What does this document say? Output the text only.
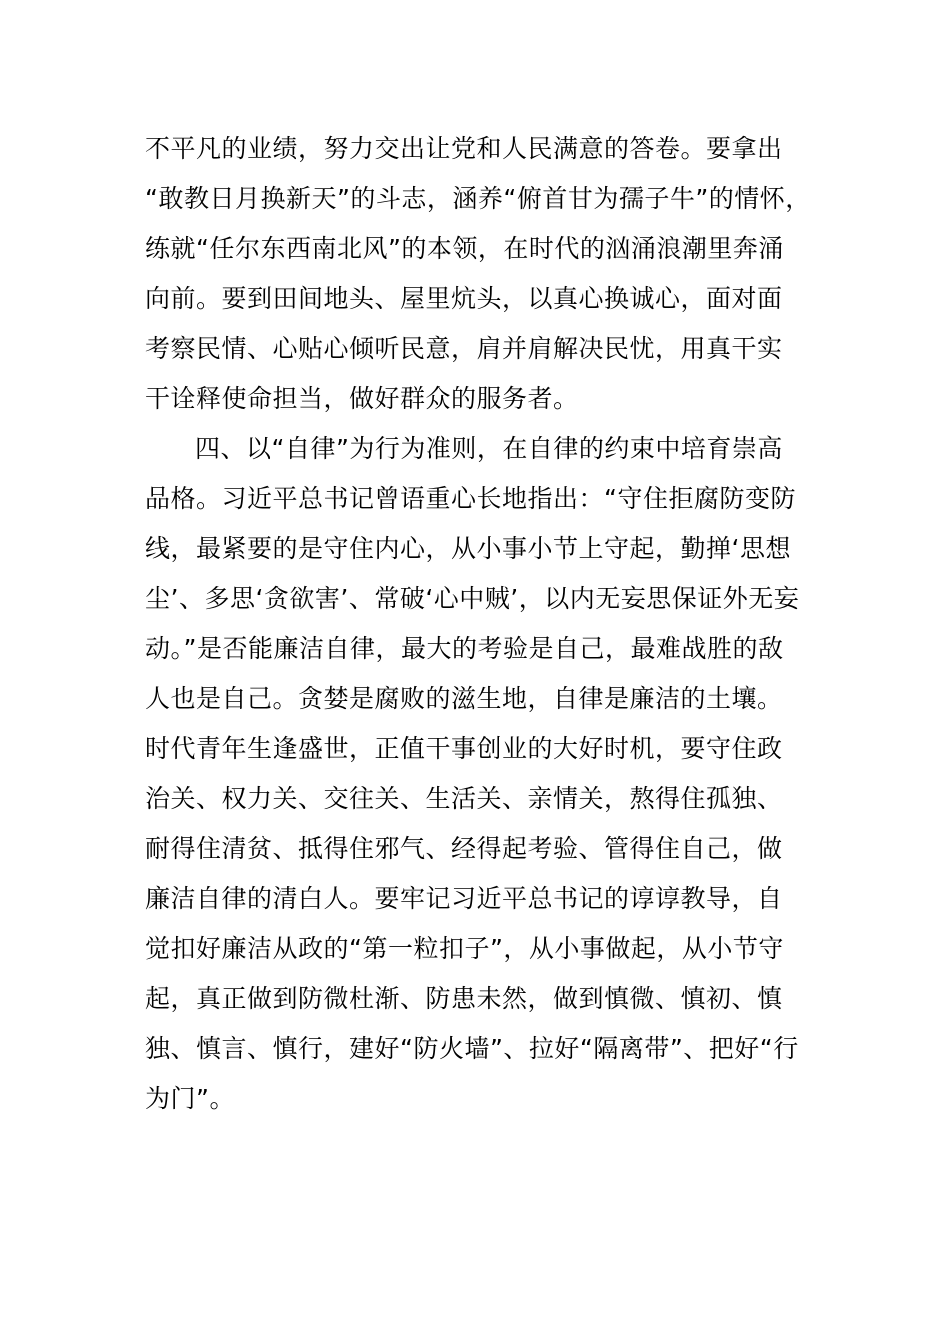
不平凡的业绩，努力交出让党和人民满意的答卷。要拿出
“敢教日月换新天”的斗志，涵养“俯首甘为孺子牛”的情怀，
练就“任尔东西南北风”的本领，在时代的汹涌浪潮里奔涌
向前。要到田间地头、屋里炕头，以真心换诚心，面对面
考察民情、心贴心倾听民意，肩并肩解决民忧，用真干实
干诠释使命担当，做好群众的服务者。
四、以“自律”为行为准则，在自律的约束中培育崇高
品格。习近平总书记曾语重心长地指出：“守住拒腐防变防
线，最紧要的是守住内心，从小事小节上守起，勤掸‘思想
尘’、多思‘贪欲害’、常破‘心中贼’，以内无妄思保证外无妄
动。”是否能廉洁自律，最大的考验是自己，最难战胜的敌
人也是自己。贪婪是腐败的滋生地，自律是廉洁的土壤。
时代青年生逢盛世，正值干事创业的大好时机，要守住政
治关、权力关、交往关、生活关、亲情关，熬得住孤独、
耐得住清贫、抵得住邪气、经得起考验、管得住自己，做
廉洁自律的清白人。要牢记习近平总书记的谆谆教导，自
觉扣好廉洁从政的“第一粒扣子”，从小事做起，从小节守
起，真正做到防微杜渐、防患未然，做到慎微、慎初、慎
独、慎言、慎行，建好“防火墙”、拉好“隔离带”、把好“行
为门”。
